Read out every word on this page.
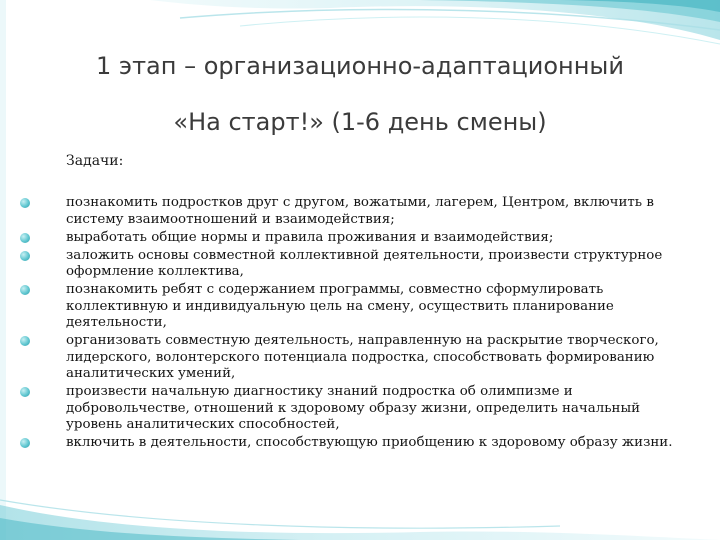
1 этап – организационно-адаптационный
«На старт!» (1-6 день смены)
Задачи:
познакомить подростков друг с другом, вожатыми, лагерем, Центром, включить в систему взаимоотношений и взаимодействия;
выработать общие нормы и правила проживания и взаимодействия;
заложить основы совместной коллективной деятельности, произвести структурное оформление коллектива,
познакомить ребят с содержанием программы, совместно сформулировать коллективную и индивидуальную цель на смену, осуществить планирование деятельности,
организовать совместную деятельность, направленную на раскрытие творческого, лидерского, волонтерского потенциала подростка, способствовать формированию аналитических умений,
произвести начальную диагностику знаний подростка об олимпизме и добровольчестве, отношений к здоровому образу жизни, определить начальный уровень аналитических способностей,
включить в деятельности, способствующую приобщению к здоровому образу жизни.
